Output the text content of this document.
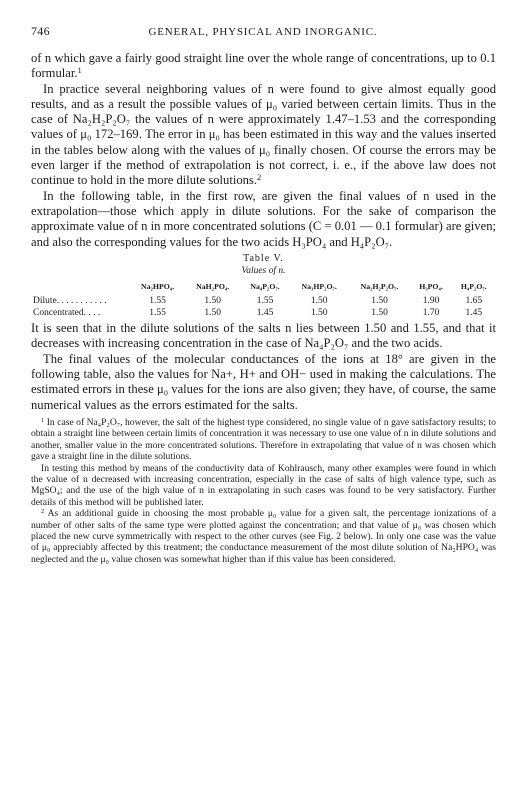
746	GENERAL, PHYSICAL AND INORGANIC.

of n which gave a fairly good straight line over the whole range of concentrations, up to 0.1 formular.$^1$

In practice several neighboring values of n were found to give almost equally good results, and as a result the possible values of μ₀ varied between certain limits. Thus in the case of Na₂H₂P₂O₇ the values of n were approximately 1.47–1.53 and the corresponding values of μ₀ 172–169. The error in μ₀ has been estimated in this way and the values inserted in the tables below along with the values of μ₀ finally chosen. Of course the errors may be even larger if the method of extrapolation is not correct, i. e., if the above law does not continue to hold in the more dilute solutions.$^2$

In the following table, in the first row, are given the final values of n used in the extrapolation—those which apply in dilute solutions. For the sake of comparison the approximate value of n in more concentrated solutions (C = 0.01 — 0.1 formular) are given; and also the corresponding values for the two acids H₃PO₄ and H₄P₂O₇.

Table V.
Values of n.
	Na₂HPO₄.	NaH₂PO₄.	Na₄P₂O₇.	Na₃HP₂O₇.	Na₂H₂P₂O₇.	H₃PO₄.	H₄P₂O₇.
Dilute. . . . . . . . . . .	1.55	1.50	1.55	1.50	1.50	1.90	1.65
Concentrated. . . .	1.55	1.50	1.45	1.50	1.50	1.70	1.45

It is seen that in the dilute solutions of the salts n lies between 1.50 and 1.55, and that it decreases with increasing concentration in the case of Na₄P₂O₇ and the two acids.

The final values of the molecular conductances of the ions at 18° are given in the following table, also the values for Na+, H+ and OH− used in making the calculations. The estimated errors in these μ₀ values for the ions are also given; they have, of course, the same numerical values as the errors estimated for the salts.

$^1$ In case of Na₄P₂O₇, however, the salt of the highest type considered, no single value of n gave satisfactory results; to obtain a straight line between certain limits of concentration it was necessary to use one value of n in dilute solutions and another, smaller value in the more concentrated solutions. Therefore in extrapolating that value of n was chosen which gave a straight line in the dilute solutions.

In testing this method by means of the conductivity data of Kohlrausch, many other examples were found in which the value of n decreased with increasing concentration, especially in the case of salts of high valence type, such as MgSO₄; and the use of the high value of n in extrapolating in such cases was found to be very satisfactory. Further details of this method will be published later.

$^2$ As an additional guide in choosing the most probable μ₀ value for a given salt, the percentage ionizations of a number of other salts of the same type were plotted against the concentration; and that value of μ₀ was chosen which placed the new curve symmetrically with respect to the other curves (see Fig. 2 below). In only one case was the value of μ₀ appreciably affected by this treatment; the conductance measurement of the most dilute solution of Na₂HPO₄ was neglected and the μ₀ value chosen was somewhat higher than if this value has been considered.
